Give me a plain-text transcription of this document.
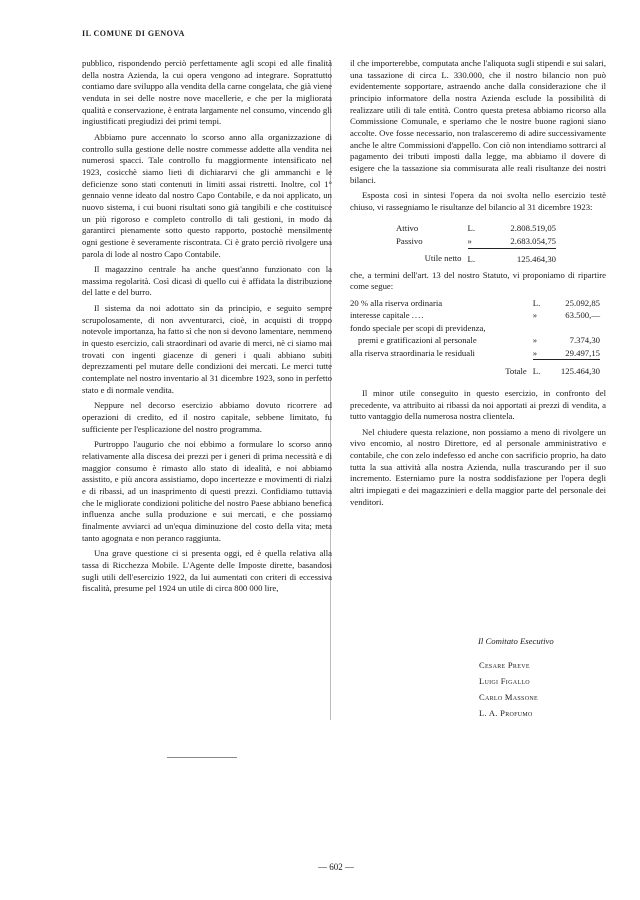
IL COMUNE DI GENOVA

pubblico, rispondendo perciò perfettamente agli scopi ed alle finalità della nostra Azienda, la cui opera vengono ad integrare. Soprattutto contiamo dare sviluppo alla vendita della carne congelata, che già viene venduta in sei delle nostre nove macellerie, e che per la migliorata qualità e conservazione, è entrata largamente nel consumo, vincendo gli ingiustificati pregiudizi dei primi tempi.

Abbiamo pure accennato lo scorso anno alla organizzazione di controllo sulla gestione delle nostre commesse addette alla vendita nei numerosi spacci. Tale controllo fu maggiormente intensificato nel 1923, cosicchè siamo lieti di dichiararvi che gli ammanchi e le deficienze sono stati contenuti in limiti assai ristretti. Inoltre, col 1° gennaio venne ideato dal nostro Capo Contabile, e da noi applicato, un nuovo sistema, i cui buoni risultati sono già tangibili e che costituisce un più rigoroso e completo controllo di tali gestioni, in modo da garantirci pienamente sotto questo rapporto, postochè mensilmente ogni gestione è severamente riscontrata. Ci è grato perciò rivolgere una parola di lode al nostro Capo Contabile.

Il magazzino centrale ha anche quest'anno funzionato con la massima regolarità. Così dicasi di quello cui è affidata la distribuzione del latte e del burro.

Il sistema da noi adottato sin da principio, e seguito sempre scrupolosamente, di non avventurarci, cioè, in acquisti di troppo notevole importanza, ha fatto sì che non si devono lamentare, nemmeno in questo esercizio, cali straordinari od avarie di merci, nè ci siamo mai trovati con ingenti giacenze di generi i quali abbiano subiti deprezzamenti pel mutare delle condizioni dei mercati. Le merci tutte contemplate nel nostro inventario al 31 dicembre 1923, sono in perfetto stato e di normale vendita.

Neppure nel decorso esercizio abbiamo dovuto ricorrere ad operazioni di credito, ed il nostro capitale, sebbene limitato, fu sufficiente per l'esplicazione del nostro programma.

Purtroppo l'augurio che noi ebbimo a formulare lo scorso anno relativamente alla discesa dei prezzi per i generi di prima necessità e di maggior consumo è rimasto allo stato di idealità, e noi abbiamo assistito, e più ancora assistiamo, dopo incertezze e movimenti di rialzi e di ribassi, ad un inasprimento di questi prezzi. Confidiamo tuttavia che le migliorate condizioni politiche del nostro Paese abbiano benefica influenza anche sulla produzione e sui mercati, e che possiamo finalmente avviarci ad un'equa diminuzione del costo della vita; meta tanto agognata e non peranco raggiunta.

Una grave questione ci si presenta oggi, ed è quella relativa alla tassa di Ricchezza Mobile. L'Agente delle Imposte dirette, basandosi sugli utili dell'esercizio 1922, da lui aumentati con criteri di eccessiva fiscalità, presume pel 1924 un utile di circa 800 000 lire,

il che importerebbe, computata anche l'aliquota sugli stipendi e sui salari, una tassazione di circa L. 330.000, che il nostro bilancio non può evidentemente sopportare, astraendo anche dalla considerazione che il principio informatore della nostra Azienda esclude la possibilità di realizzare utili di tale entità. Contro questa pretesa abbiamo ricorso alla Commissione Comunale, e speriamo che le nostre buone ragioni siano accolte. Ove fosse necessario, non tralasceremo di adire successivamente anche le altre Commissioni d'appello. Con ciò non intendiamo sottrarci al pagamento dei tributi imposti dalla legge, ma abbiamo il dovere di esigere che la tassazione sia commisurata alle reali risultanze dei nostri bilanci.

Esposta così in sintesi l'opera da noi svolta nello esercizio testè chiuso, vi rassegniamo le risultanze del bilancio al 31 dicembre 1923:

Attivo	L.	2.808.519,05
Passivo	»	2.683.054,75
Utile netto	L.	125.464,30

che, a termini dell'art. 13 del nostro Statuto, vi proponiamo di ripartire come segue:

20 % alla riserva ordinaria	L.	25.092,85
interesse capitale ....	»	63.500,—
fondo speciale per scopi di previdenza,		
premi e gratificazioni al personale	»	7.374,30
alla riserva straordinaria le residuali	»	29.497,15
Totale	L.	125.464,30

Il minor utile conseguito in questo esercizio, in confronto del precedente, va attribuito ai ribassi da noi apportati ai prezzi di vendita, a tutto vantaggio della numerosa nostra clientela.

Nel chiudere questa relazione, non possiamo a meno di rivolgere un vivo encomio, al nostro Direttore, ed al personale amministrativo e contabile, che con zelo indefesso ed anche con sacrificio proprio, ha dato tutta la sua attività alla nostra Azienda, nulla trascurando per il suo incremento. Esterniamo pure la nostra soddisfazione per l'opera degli altri impiegati e dei magazzinieri e della maggior parte del personale dei venditori.

Il Comitato Esecutivo
Cesare Preve
Luigi Figallo
Carlo Massone
L. A. Profumo
— 602 —
